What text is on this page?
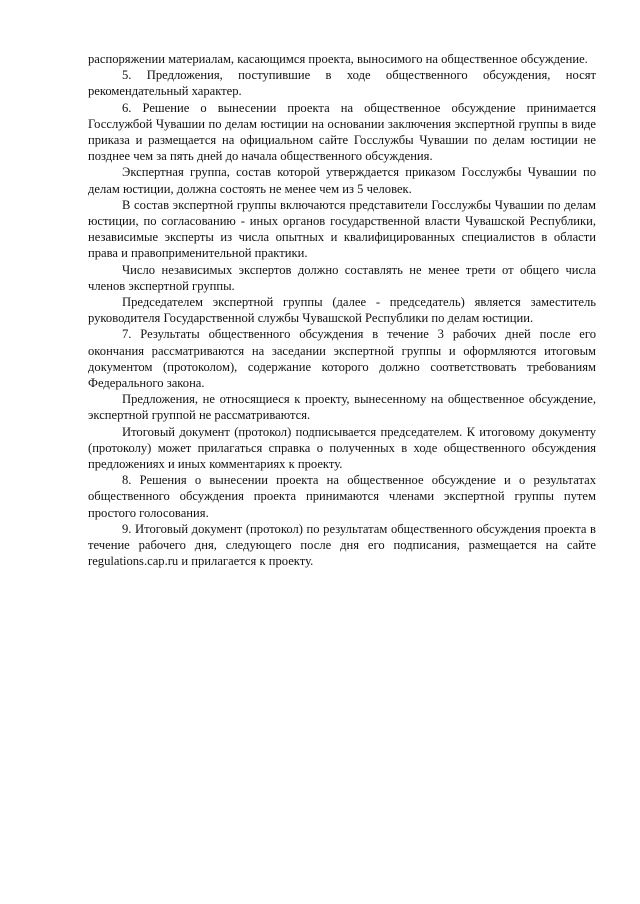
распоряжении материалам, касающимся проекта, выносимого на общественное обсуждение.

5. Предложения, поступившие в ходе общественного обсуждения, носят рекомендательный характер.

6. Решение о вынесении проекта на общественное обсуждение принимается Госслужбой Чувашии по делам юстиции на основании заключения экспертной группы в виде приказа и размещается на официальном сайте Госслужбы Чувашии по делам юстиции не позднее чем за пять дней до начала общественного обсуждения.

Экспертная группа, состав которой утверждается приказом Госслужбы Чувашии по делам юстиции, должна состоять не менее чем из 5 человек.

В состав экспертной группы включаются представители Госслужбы Чувашии по делам юстиции, по согласованию - иных органов государственной власти Чувашской Республики, независимые эксперты из числа опытных и квалифицированных специалистов в области права и правоприменительной практики.

Число независимых экспертов должно составлять не менее трети от общего числа членов экспертной группы.

Председателем экспертной группы (далее - председатель) является заместитель руководителя Государственной службы Чувашской Республики по делам юстиции.

7. Результаты общественного обсуждения в течение 3 рабочих дней после его окончания рассматриваются на заседании экспертной группы и оформляются итоговым документом (протоколом), содержание которого должно соответствовать требованиям Федерального закона.

Предложения, не относящиеся к проекту, вынесенному на общественное обсуждение, экспертной группой не рассматриваются.

Итоговый документ (протокол) подписывается председателем. К итоговому документу (протоколу) может прилагаться справка о полученных в ходе общественного обсуждения предложениях и иных комментариях к проекту.

8. Решения о вынесении проекта на общественное обсуждение и о результатах общественного обсуждения проекта принимаются членами экспертной группы путем простого голосования.

9. Итоговый документ (протокол) по результатам общественного обсуждения проекта в течение рабочего дня, следующего после дня его подписания, размещается на сайте regulations.cap.ru и прилагается к проекту.
